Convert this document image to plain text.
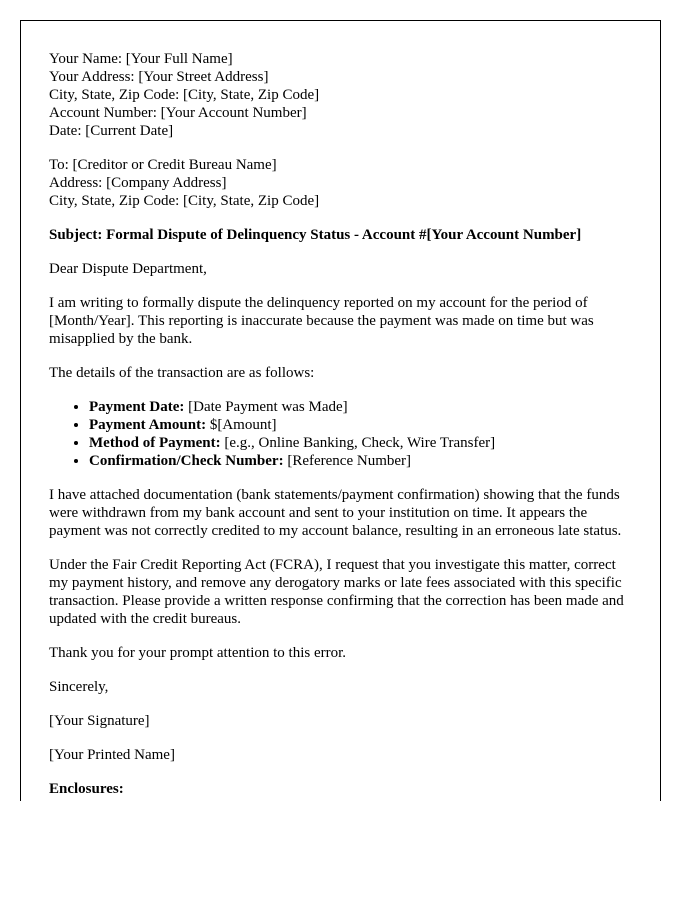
Your Name: [Your Full Name]
Your Address: [Your Street Address]
City, State, Zip Code: [City, State, Zip Code]
Account Number: [Your Account Number]
Date: [Current Date]
To: [Creditor or Credit Bureau Name]
Address: [Company Address]
City, State, Zip Code: [City, State, Zip Code]

Subject: Formal Dispute of Delinquency Status - Account #[Your Account Number]

Dear Dispute Department,

I am writing to formally dispute the delinquency reported on my account for the period of [Month/Year]. This reporting is inaccurate because the payment was made on time but was misapplied by the bank.

The details of the transaction are as follows:

• Payment Date: [Date Payment was Made]
• Payment Amount: $[Amount]
• Method of Payment: [e.g., Online Banking, Check, Wire Transfer]
• Confirmation/Check Number: [Reference Number]

I have attached documentation (bank statements/payment confirmation) showing that the funds were withdrawn from my bank account and sent to your institution on time. It appears the payment was not correctly credited to my account balance, resulting in an erroneous late status.

Under the Fair Credit Reporting Act (FCRA), I request that you investigate this matter, correct my payment history, and remove any derogatory marks or late fees associated with this specific transaction. Please provide a written response confirming that the correction has been made and updated with the credit bureaus.

Thank you for your prompt attention to this error.

Sincerely,

[Your Signature]

[Your Printed Name]

Enclosures:
